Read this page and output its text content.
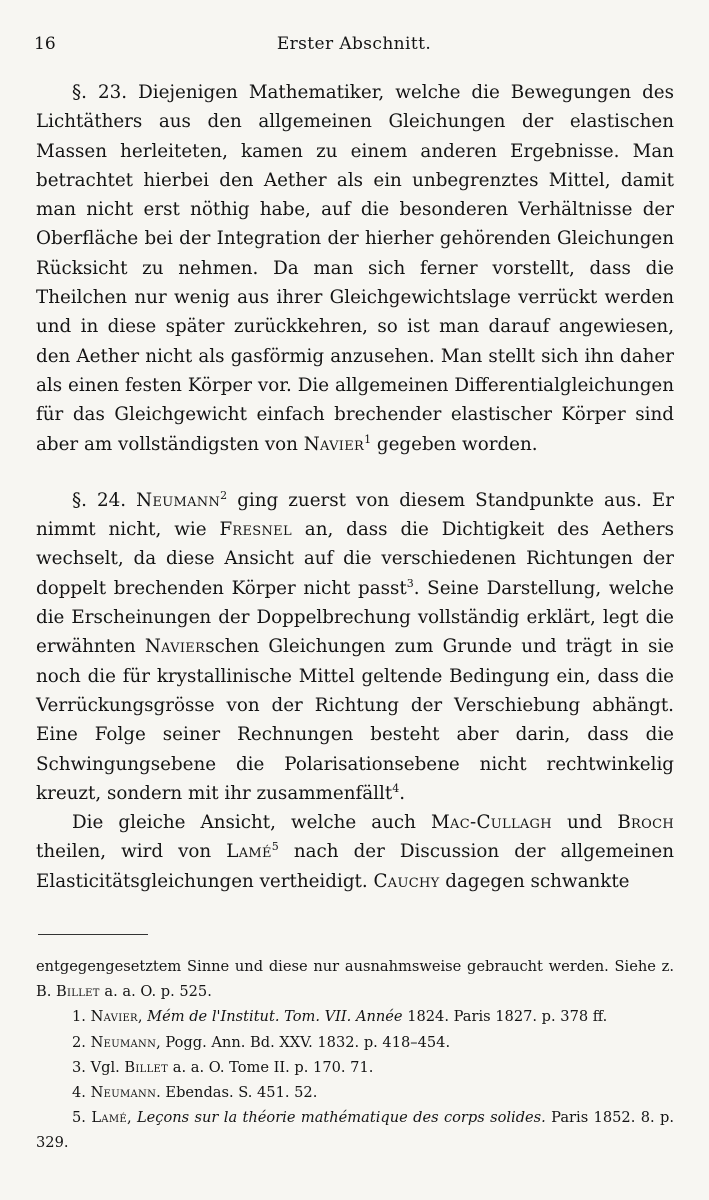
16	Erster Abschnitt.

§. 23. Diejenigen Mathematiker, welche die Bewegungen des Lichtäthers aus den allgemeinen Gleichungen der elastischen Massen herleiteten, kamen zu einem anderen Ergebnisse. Man betrachtet hierbei den Aether als ein unbegrenztes Mittel, damit man nicht erst nöthig habe, auf die besonderen Verhältnisse der Oberfläche bei der Integration der hierher gehörenden Gleichungen Rücksicht zu nehmen. Da man sich ferner vorstellt, dass die Theilchen nur wenig aus ihrer Gleichgewichtslage verrückt werden und in diese später zurückkehren, so ist man darauf angewiesen, den Aether nicht als gasförmig anzusehen. Man stellt sich ihn daher als einen festen Körper vor. Die allgemeinen Differentialgleichungen für das Gleichgewicht einfach brechender elastischer Körper sind aber am vollständigsten von Navier$^1$ gegeben worden.

§. 24. Neumann$^2$ ging zuerst von diesem Standpunkte aus. Er nimmt nicht, wie Fresnel an, dass die Dichtigkeit des Aethers wechselt, da diese Ansicht auf die verschiedenen Richtungen der doppelt brechenden Körper nicht passt$^3$. Seine Darstellung, welche die Erscheinungen der Doppelbrechung vollständig erklärt, legt die erwähnten Navierschen Gleichungen zum Grunde und trägt in sie noch die für krystallinische Mittel geltende Bedingung ein, dass die Verrückungsgrösse von der Richtung der Verschiebung abhängt. Eine Folge seiner Rechnungen besteht aber darin, dass die Schwingungsebene die Polarisationsebene nicht rechtwinkelig kreuzt, sondern mit ihr zusammenfällt$^4$.

Die gleiche Ansicht, welche auch Mac-Cullagh und Broch theilen, wird von Lamé$^5$ nach der Discussion der allgemeinen Elasticitätsgleichungen vertheidigt. Cauchy dagegen schwankte

entgegengesetztem Sinne und diese nur ausnahmsweise gebraucht werden. Siehe z. B. Billet a. a. O. p. 525.

1. Navier, Mém de l'Institut. Tom. VII. Année 1824. Paris 1827. p. 378 ff.

2. Neumann, Pogg. Ann. Bd. XXV. 1832. p. 418–454.

3. Vgl. Billet a. a. O. Tome II. p. 170. 71.

4. Neumann. Ebendas. S. 451. 52.

5. Lamé, Leçons sur la théorie mathématique des corps solides. Paris 1852. 8. p. 329.
